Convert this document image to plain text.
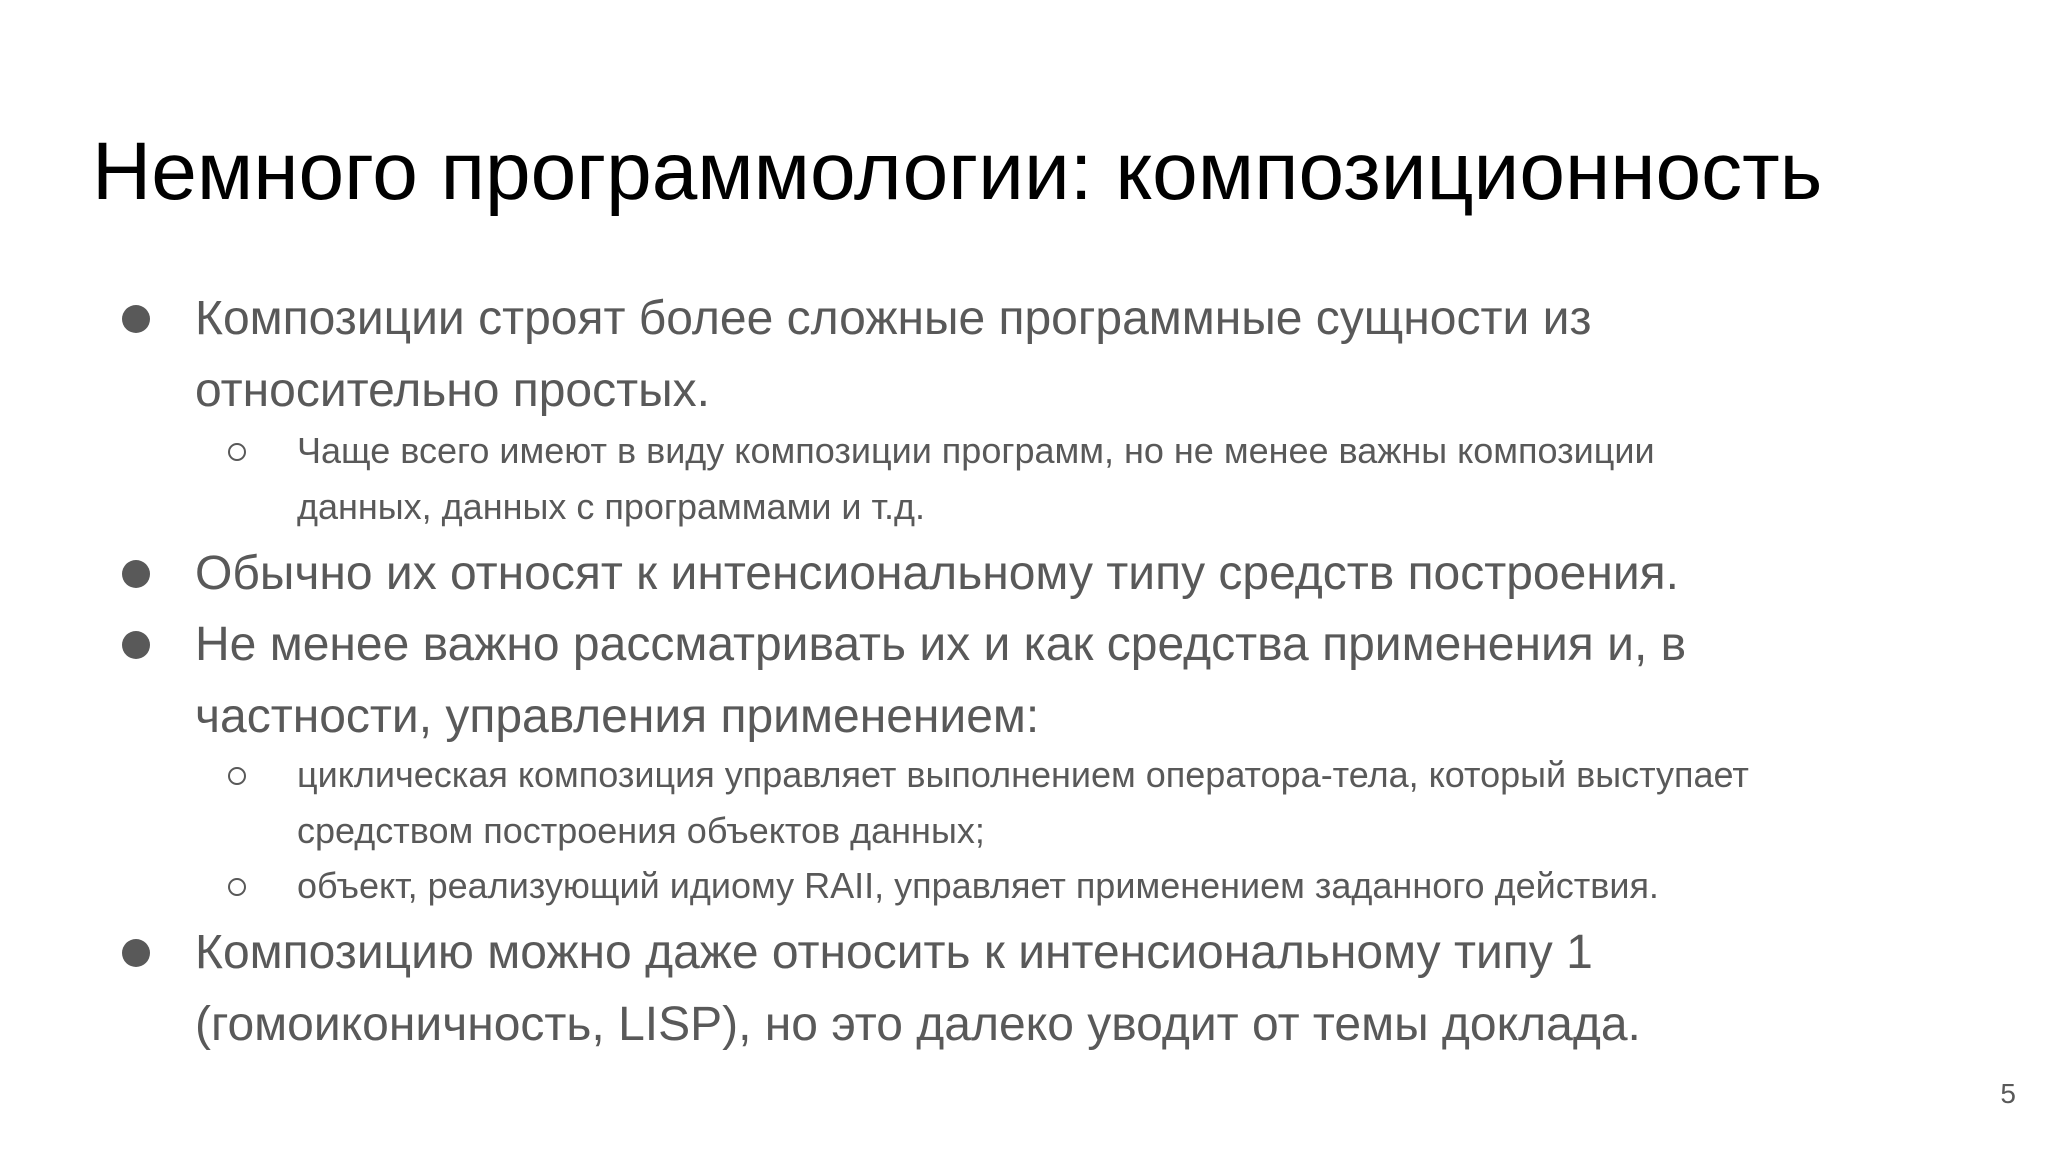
Немного программологии: композиционность
Композиции строят более сложные программные сущности из
относительно простых.
Чаще всего имеют в виду композиции программ, но не менее важны композиции
данных, данных с программами и т.д.
Обычно их относят к интенсиональному типу средств построения.
Не менее важно рассматривать их и как средства применения и, в
частности, управления применением:
циклическая композиция управляет выполнением оператора-тела, который выступает
средством построения объектов данных;
объект, реализующий идиому RAII, управляет применением заданного действия.
Композицию можно даже относить к интенсиональному типу 1
(гомоиконичность, LISP), но это далеко уводит от темы доклада.
5
